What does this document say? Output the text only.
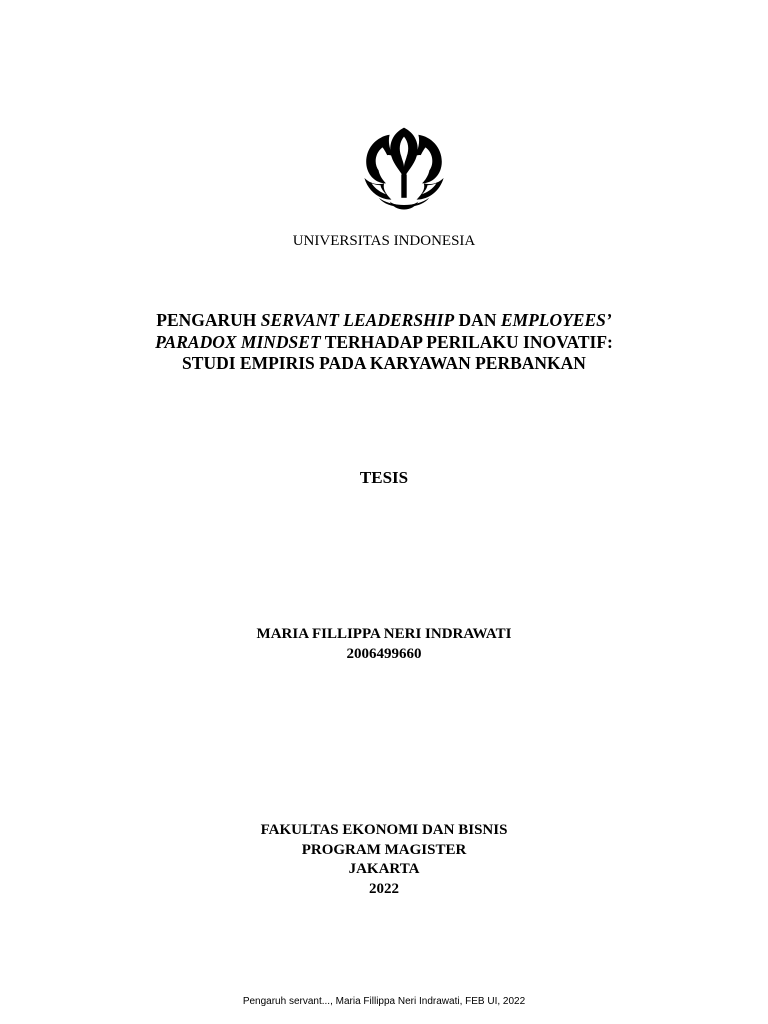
UNIVERSITAS INDONESIA
PENGARUH SERVANT LEADERSHIP DAN EMPLOYEES’
PARADOX MINDSET TERHADAP PERILAKU INOVATIF:
STUDI EMPIRIS PADA KARYAWAN PERBANKAN
TESIS
MARIA FILLIPPA NERI INDRAWATI
2006499660
FAKULTAS EKONOMI DAN BISNIS
PROGRAM MAGISTER
JAKARTA
2022
Pengaruh servant..., Maria Fillippa Neri Indrawati, FEB UI, 2022
